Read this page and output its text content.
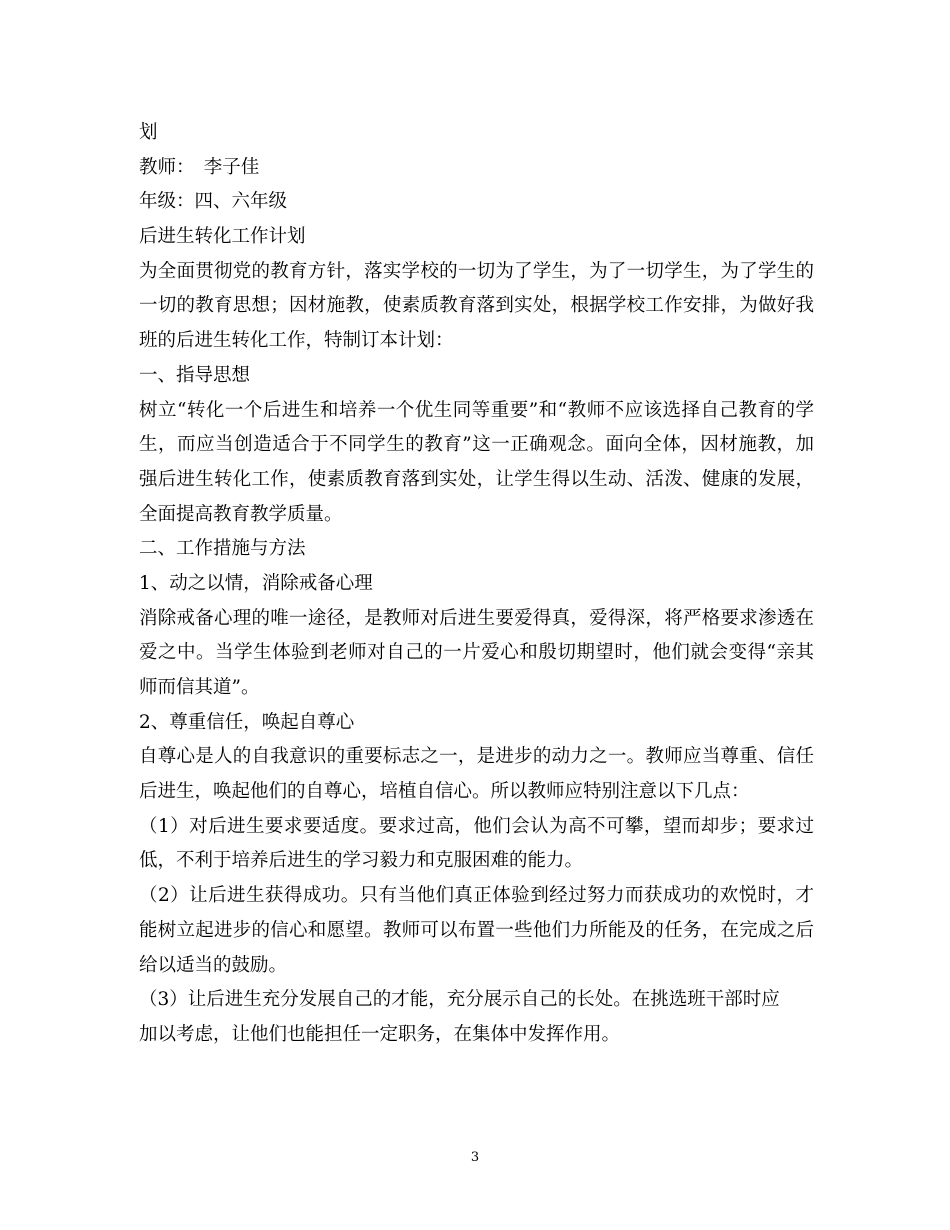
划
教师：　李子佳
年级：四、六年级
后进生转化工作计划
为全面贯彻党的教育方针，落实学校的一切为了学生，为了一切学生，为了学生的
一切的教育思想；因材施教，使素质教育落到实处，根据学校工作安排，为做好我
班的后进生转化工作，特制订本计划：
一、指导思想
树立“转化一个后进生和培养一个优生同等重要”和“教师不应该选择自己教育的学
生，而应当创造适合于不同学生的教育”这一正确观念。面向全体，因材施教，加
强后进生转化工作，使素质教育落到实处，让学生得以生动、活泼、健康的发展，
全面提高教育教学质量。
二、工作措施与方法
1、动之以情，消除戒备心理
消除戒备心理的唯一途径，是教师对后进生要爱得真，爱得深，将严格要求渗透在
爱之中。当学生体验到老师对自己的一片爱心和殷切期望时，他们就会变得“亲其
师而信其道”。
2、尊重信任，唤起自尊心
自尊心是人的自我意识的重要标志之一，是进步的动力之一。教师应当尊重、信任
后进生，唤起他们的自尊心，培植自信心。所以教师应特别注意以下几点：
（1）对后进生要求要适度。要求过高，他们会认为高不可攀，望而却步；要求过
低，不利于培养后进生的学习毅力和克服困难的能力。
（2）让后进生获得成功。只有当他们真正体验到经过努力而获成功的欢悦时，才
能树立起进步的信心和愿望。教师可以布置一些他们力所能及的任务，在完成之后
给以适当的鼓励。
（3）让后进生充分发展自己的才能，充分展示自己的长处。在挑选班干部时应
加以考虑，让他们也能担任一定职务，在集体中发挥作用。
3
